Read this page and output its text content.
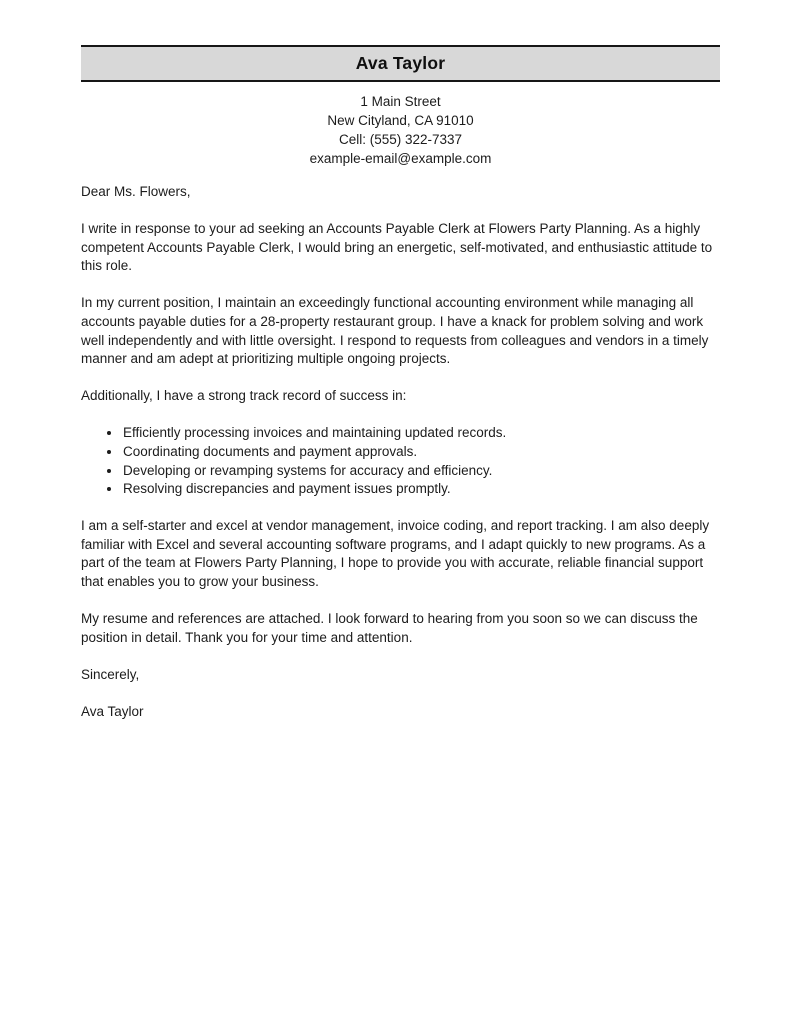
Ava Taylor
1 Main Street
New Cityland, CA 91010
Cell: (555) 322-7337
example-email@example.com

Dear Ms. Flowers,

I write in response to your ad seeking an Accounts Payable Clerk at Flowers Party Planning. As a highly competent Accounts Payable Clerk, I would bring an energetic, self-motivated, and enthusiastic attitude to this role.

In my current position, I maintain an exceedingly functional accounting environment while managing all accounts payable duties for a 28-property restaurant group. I have a knack for problem solving and work well independently and with little oversight. I respond to requests from colleagues and vendors in a timely manner and am adept at prioritizing multiple ongoing projects.

Additionally, I have a strong track record of success in:

• Efficiently processing invoices and maintaining updated records.
• Coordinating documents and payment approvals.
• Developing or revamping systems for accuracy and efficiency.
• Resolving discrepancies and payment issues promptly.

I am a self-starter and excel at vendor management, invoice coding, and report tracking. I am also deeply familiar with Excel and several accounting software programs, and I adapt quickly to new programs. As a part of the team at Flowers Party Planning, I hope to provide you with accurate, reliable financial support that enables you to grow your business.

My resume and references are attached. I look forward to hearing from you soon so we can discuss the position in detail. Thank you for your time and attention.

Sincerely,

Ava Taylor
